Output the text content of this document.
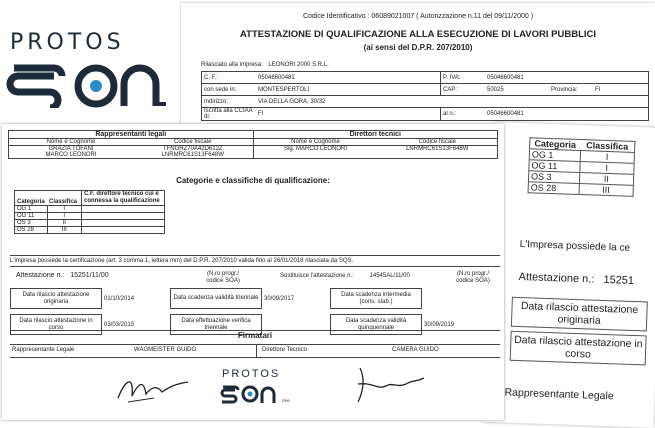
PROTOS
Codice Identificativo : 06089021007 ( Autorizzazione n.11 del 09/11/2000 )
ATTESTAZIONE DI QUALIFICAZIONE ALLA ESECUZIONE DI LAVORI PUBBLICI
(ai sensi del D.P.R. 207/2010)
Rilasciato alla impresa: LEONORI 2000 S.R.L.
C. F.:	05046600481	P. IVA:	05046600481		
con sede in:	MONTESPERTOLI	CAP:	50025	Provincia:	FI
Indirizzo:	VIA DELLA GORA, 30/32				
Iscritta alla CCIAA di:	FI	al n.:	05046600481		
Categoria	Classifica
OG 1	I
OG 11	I
OS 3	II
OS 28	III
L'Impresa possiede la ce
Attestazione n.: 15251
Data rilascio attestazione originaria
Data rilascio attestazione in corso
Rappresentante Legale
Rappresentanti legali		Direttori tecnici	
Nome e Cognome	Codice fiscale	Nome e Cognome	Codice fiscale
GRAZIA TOFANI	TFNGRZ70A42D612Z	Sig. MARCO LEONORI	LNRMRC61S13F648W
MARCO LEONORI	LNRMRC61S13F648W		
Categorie e classifiche di qualificazione:
Categoria	Classifica	C.F. direttore tecnico cui è connessa la qualificazione
OG 1	I	
OG 11	I	
OS 3	II	
OS 28	III	
L'impresa possiede la certificazione (art. 3 comma 1, lettera mm) del D.P.R. 207/2010 valida fino al 26/01/2018 rilasciata da SQS.
Attestazione n.: 15251/11/00	(N.ro progr./ codice SOA)
Sostituisce l'attestazione n.:	14545AL/11/00	(N.ro progr./ codice SOA)
Data rilascio attestazione originaria	01/10/2014	Data scadenza validità triennale	30/09/2017	Data scadenza intermedia (cons. stab.)	

Data rilascio attestazione in corso	03/03/2015	Data effettuazione verifica triennale		Data scadenza validità quinquennale	30/09/2019
Firmatari
Rappresentante Legale	WAGMEISTER GUIDO	Direttore Tecnico	CAMERA GUIDO
PROTOS
SPA
